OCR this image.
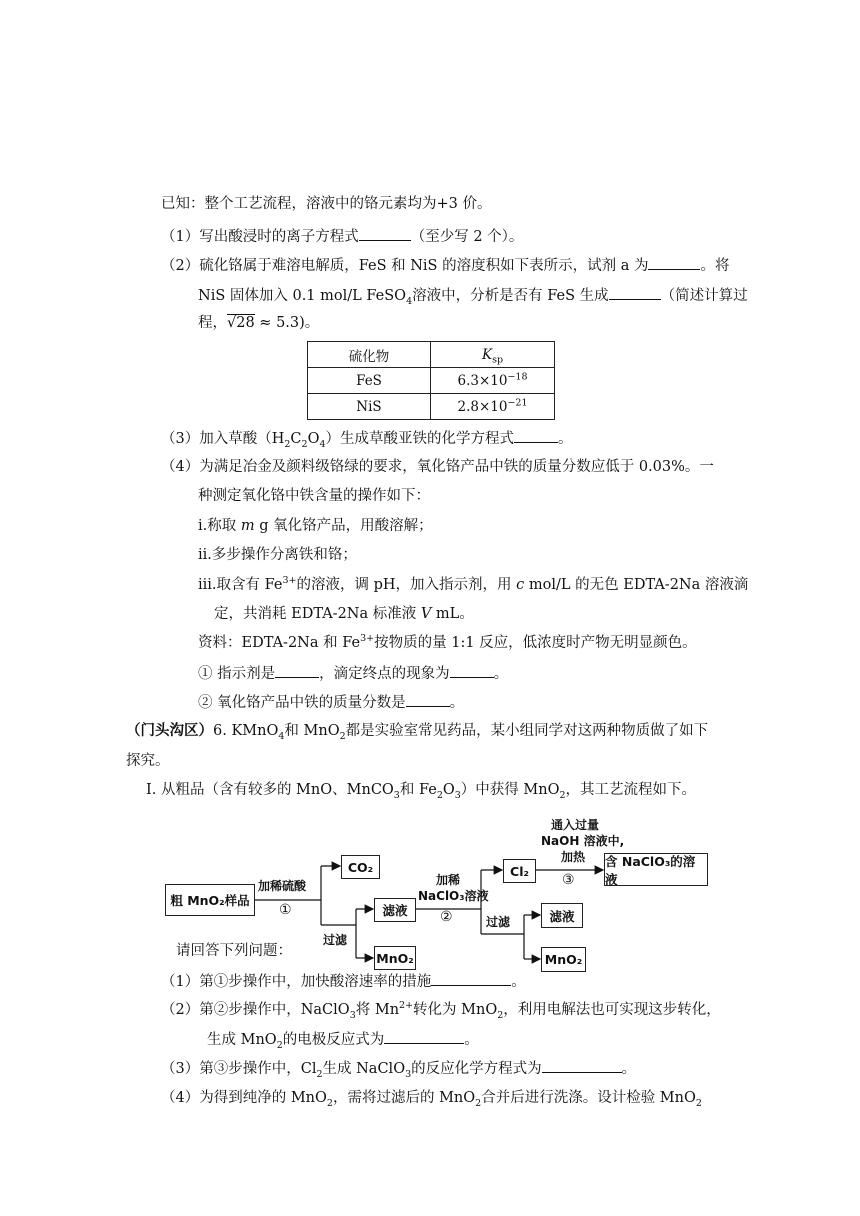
已知：整个工艺流程，溶液中的铬元素均为+3 价。
（1）写出酸浸时的离子方程式	（至少写 2 个）。
（2）硫化铬属于难溶电解质，FeS 和 NiS 的溶度积如下表所示，试剂 a 为	。将
NiS 固体加入 0.1 mol/L FeSO$_4$溶液中，分析是否有 FeS 生成	（简述计算过
程，√28 ≈ 5.3)。
硫化物	$K_{sp}$
FeS	$6.3\times 10^{-18}$
NiS	$2.8\times 10^{-21}$
（3）加入草酸$(H_2C_2O_4)$生成草酸亚铁的化学方程式	。
（4）为满足冶金及颜料级铬绿的要求，氧化铬产品中铁的质量分数应低于 0.03%。一
种测定氧化铬中铁含量的操作如下：
i.称取 m g 氧化铬产品，用酸溶解；
ii.多步操作分离铁和铬；
iii.取含有 $Fe^{3+}$的溶液，调 pH，加入指示剂，用 c mol/L 的无色 EDTA-2Na 溶液滴
定，共消耗 EDTA-2Na 标准液 V mL。
资料：EDTA-2Na 和 $Fe^{3+}$按物质的量 1:1 反应，低浓度时产物无明显颜色。
① 指示剂是	，滴定终点的现象为	。
② 氧化铬产品中铁的质量分数是	。
（门头沟区）6. KMnO$_4$和 MnO$_2$都是实验室常见药品，某小组同学对这两种物质做了如下
探究。
I. 从粗品（含有较多的 MnO、MnCO$_3$和 $Fe_2O_3$）中获得 MnO$_2$，其工艺流程如下。
粗 MnO₂样品
加稀硫酸
①
CO₂
过滤
滤液
MnO₂
加稀
NaClO₃溶液
②
Cl₂
过滤	滤液
MnO₂
通入过量
NaOH 溶液中,
加热
③
含 NaClO₃的溶液
请回答下列问题：
（1）第①步操作中，加快酸溶速率的措施	。
（2）第②步操作中，NaClO$_3$将 $Mn^{2+}$转化为 MnO$_2$，利用电解法也可实现这步转化，
生成 MnO$_2$的电极反应式为	。
（3）第③步操作中，$Cl_2$生成 NaClO$_3$的反应化学方程式为	。
（4）为得到纯净的 MnO$_2$，需将过滤后的 MnO$_2$合并后进行洗涤。设计检验 MnO$_2$
